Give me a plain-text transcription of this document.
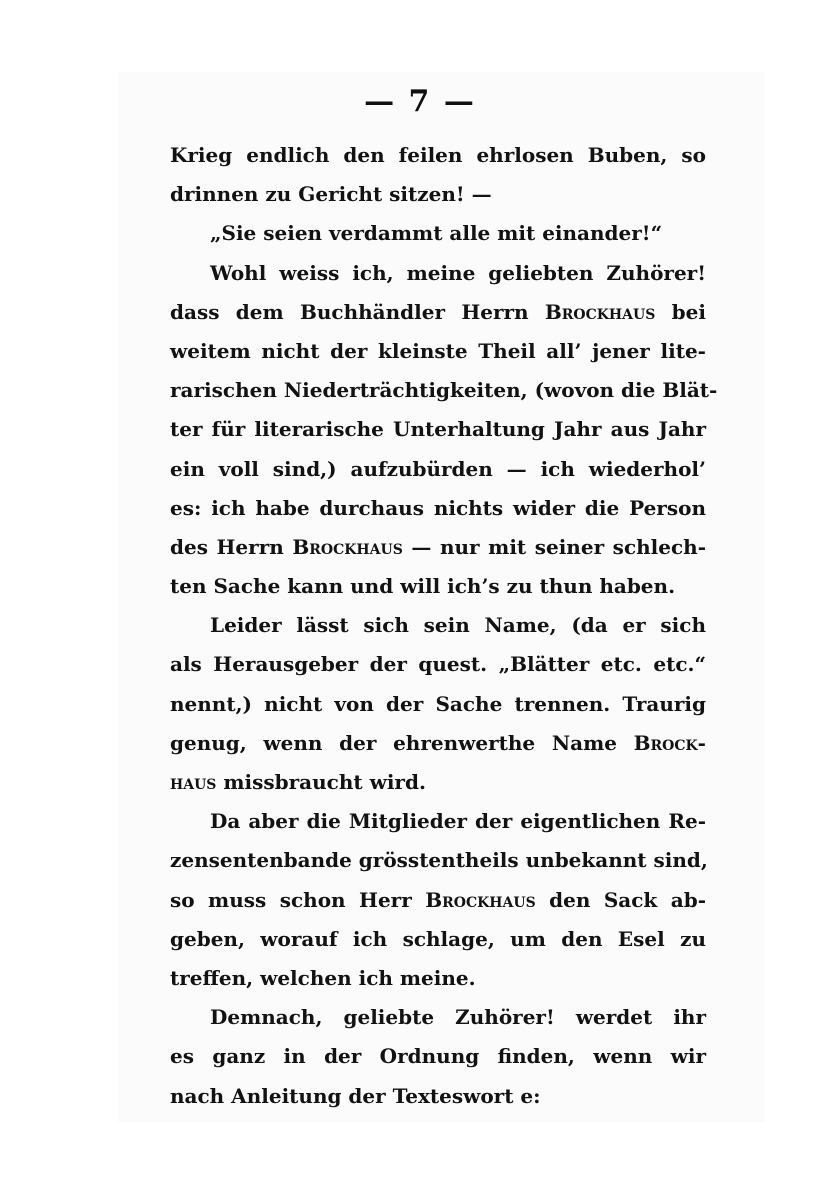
— 7 —
Krieg endlich den feilen ehrlosen Buben, so
drinnen zu Gericht sitzen! —
„Sie seien verdammt alle mit einander!“
Wohl weiss ich, meine geliebten Zuhörer!
dass dem Buchhändler Herrn Brockhaus bei
weitem nicht der kleinste Theil all’ jener lite-
rarischen Niederträchtigkeiten, (wovon die Blät-
ter für literarische Unterhaltung Jahr aus Jahr
ein voll sind,) aufzubürden — ich wiederhol’
es: ich habe durchaus nichts wider die Person
des Herrn Brockhaus — nur mit seiner schlech-
ten Sache kann und will ich’s zu thun haben.
Leider lässt sich sein Name, (da er sich
als Herausgeber der quest. „Blätter etc. etc.“
nennt,) nicht von der Sache trennen. Traurig
genug, wenn der ehrenwerthe Name Brock-
haus missbraucht wird.
Da aber die Mitglieder der eigentlichen Re-
zensentenbande grösstentheils unbekannt sind,
so muss schon Herr Brockhaus den Sack ab-
geben, worauf ich schlage, um den Esel zu
treffen, welchen ich meine.
Demnach, geliebte Zuhörer! werdet ihr
es ganz in der Ordnung finden, wenn wir
nach Anleitung der Texteswort e:
